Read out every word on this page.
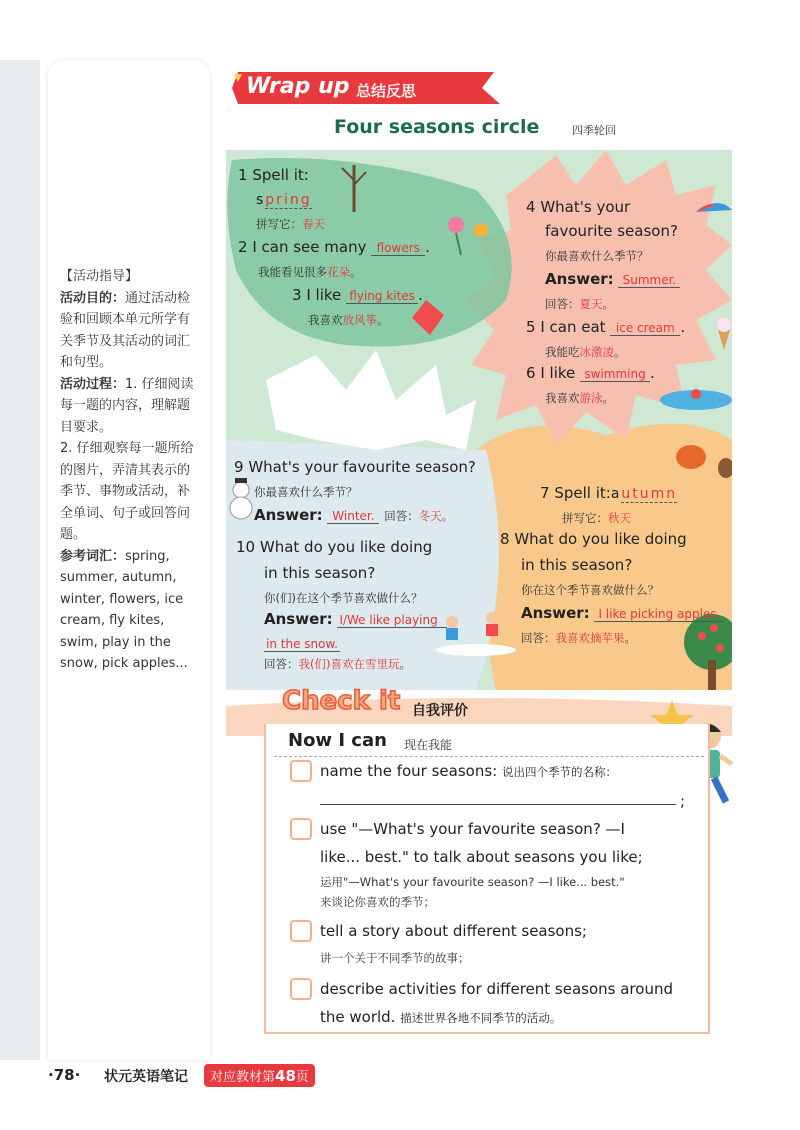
【活动指导】

活动目的：通过活动检验和回顾本单元所学有关季节及其活动的词汇和句型。

活动过程：1. 仔细阅读每一题的内容，理解题目要求。

2. 仔细观察每一题所给的图片，弄清其表示的季节、事物或活动，补全单词、句子或回答问题。

参考词汇：spring, summer, autumn, winter, flowers, ice cream, fly kites, swim, play in the snow, pick apples...

Wrap up 总结反思
Four seasons circle	四季轮回
1 Spell it:
spring
拼写它：春天
2 I can see many flowers .
我能看见很多花朵。
3 I like flying kites .
我喜欢放风筝。
4 What's your
favourite season?
你最喜欢什么季节？
Answer: Summer.
回答：夏天。
5 I can eat ice cream .
我能吃冰激凌。
6 I like swimming .
我喜欢游泳。
9 What's your favourite season?
你最喜欢什么季节？
Answer: Winter. 回答：冬天。
7 Spell it:autumn
拼写它：秋天
10 What do you like doing
in this season?
你(们)在这个季节喜欢做什么？
Answer: I/We like playing
in the snow.
回答：我(们)喜欢在雪里玩。
8 What do you like doing
in this season?
你在这个季节喜欢做什么？
Answer: I like picking apples.
回答：我喜欢摘苹果。
Check it 自我评价
Now I can 现在我能
name the four seasons: 说出四个季节的名称：
;
use "—What's your favourite season? —I
like... best." to talk about seasons you like;
运用"—What's your favourite season? —I like... best."
来谈论你喜欢的季节；
tell a story about different seasons;
讲一个关于不同季节的故事；
describe activities for different seasons around
the world. 描述世界各地不同季节的活动。
·78· 状元英语笔记	对应教材第48页
